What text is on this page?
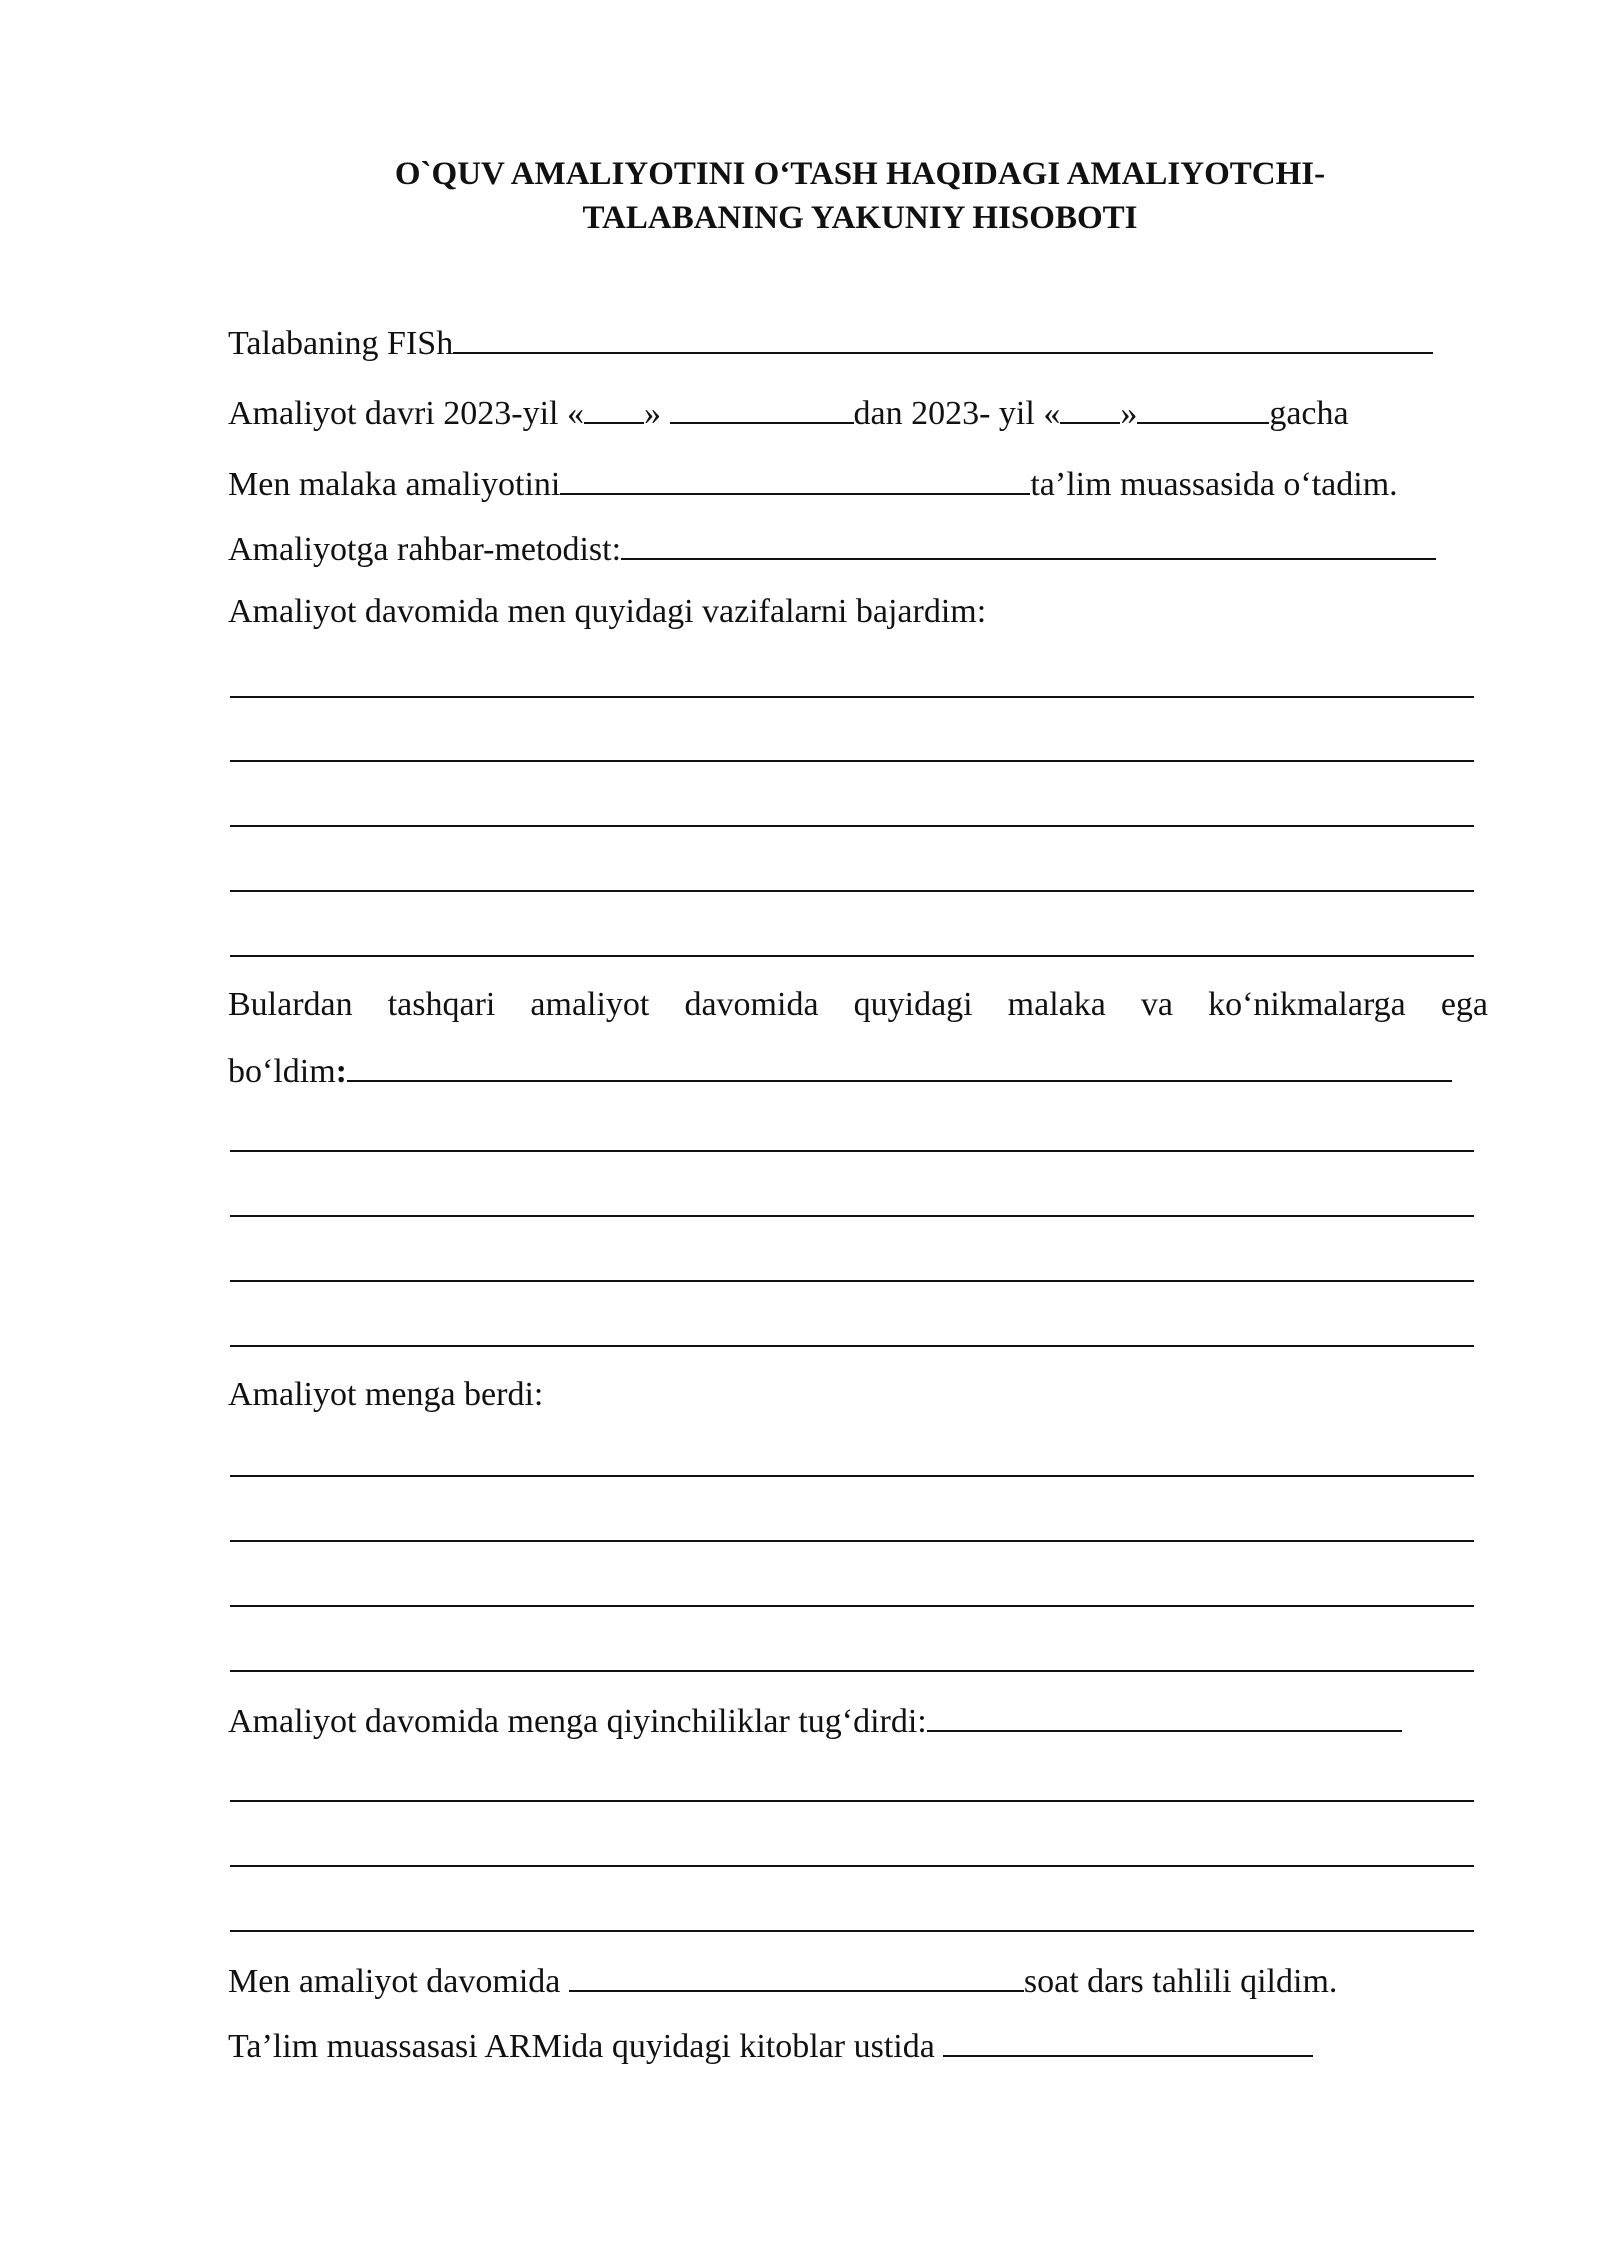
O`QUV AMALIYOTINI O‘TASH HAQIDAGI AMALIYOTCHI-
TALABANING YAKUNIY HISOBOTI
Talabaning FISh
Amaliyot davri 2023-yil « »	dan 2023- yil « »	gacha
Men malaka amaliyotini	ta’lim muassasida o‘tadim.
Amaliyotga rahbar-metodist:
Amaliyot davomida men quyidagi vazifalarni bajardim:
Bulardan tashqari amaliyot davomida quyidagi malaka va ko‘nikmalarga ega
bo‘ldim:
Amaliyot menga berdi:
Amaliyot davomida menga qiyinchiliklar tug‘dirdi:
Men amaliyot davomida	soat dars tahlili qildim.
Ta’lim muassasasi ARMida quyidagi kitoblar ustida
